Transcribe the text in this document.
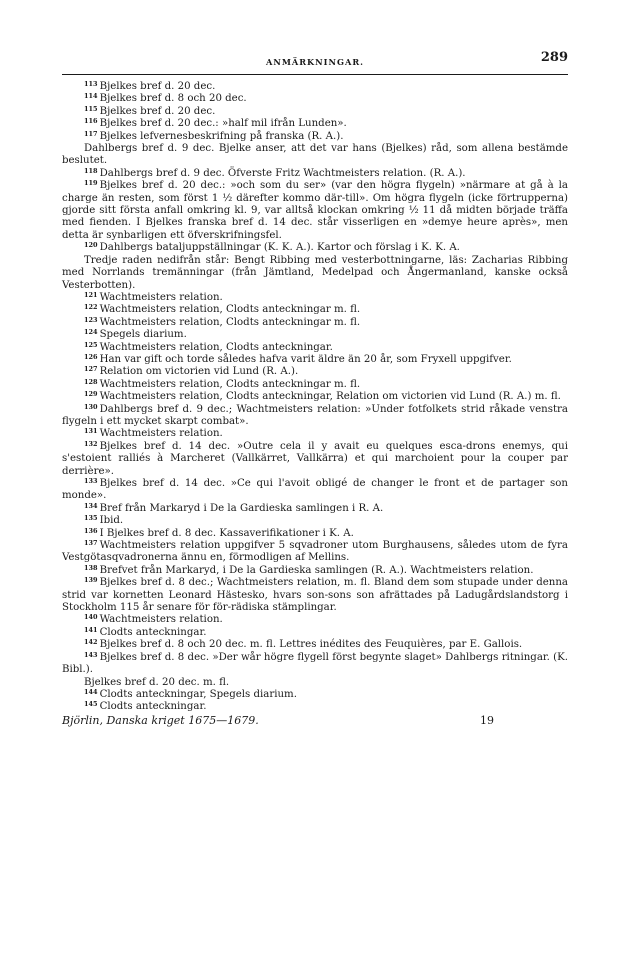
ANMÄRKNINGAR.	289

$^{113}$ Bjelkes bref d. 20 dec.

$^{114}$ Bjelkes bref d. 8 och 20 dec.

$^{115}$ Bjelkes bref d. 20 dec.

$^{116}$ Bjelkes bref d. 20 dec.: »half mil ifrån Lunden».

$^{117}$ Bjelkes lefvernesbeskrifning på franska (R. A.).

Dahlbergs bref d. 9 dec. Bjelke anser, att det var hans (Bjelkes) råd, som allena bestämde beslutet.

$^{118}$ Dahlbergs bref d. 9 dec. Öfverste Fritz Wachtmeisters relation. (R. A.).

$^{119}$ Bjelkes bref d. 20 dec.: »och som du ser» (var den högra flygeln) »närmare at gå à la charge än resten, som först 1 ½ därefter kommo där-till». Om högra flygeln (icke förtrupperna) gjorde sitt första anfall omkring kl. 9, var alltså klockan omkring ½ 11 då midten började träffa med fienden. I Bjelkes franska bref d. 14 dec. står visserligen en »demye heure après», men detta är synbarligen ett öfverskrifningsfel.

$^{120}$ Dahlbergs bataljuppställningar (K. K. A.). Kartor och förslag i K. K. A.

Tredje raden nedifrån står: Bengt Ribbing med vesterbottningarne, läs: Zacharias Ribbing med Norrlands tremänningar (från Jämtland, Medelpad och Ångermanland, kanske också Vesterbotten).

$^{121}$ Wachtmeisters relation.

$^{122}$ Wachtmeisters relation, Clodts anteckningar m. fl.

$^{123}$ Wachtmeisters relation, Clodts anteckningar m. fl.

$^{124}$ Spegels diarium.

$^{125}$ Wachtmeisters relation, Clodts anteckningar.

$^{126}$ Han var gift och torde således hafva varit äldre än 20 år, som Fryxell uppgifver.

$^{127}$ Relation om victorien vid Lund (R. A.).

$^{128}$ Wachtmeisters relation, Clodts anteckningar m. fl.

$^{129}$ Wachtmeisters relation, Clodts anteckningar, Relation om victorien vid Lund (R. A.) m. fl.

$^{130}$ Dahlbergs bref d. 9 dec.; Wachtmeisters relation: »Under fotfolkets strid råkade venstra flygeln i ett mycket skarpt combat».

$^{131}$ Wachtmeisters relation.

$^{132}$ Bjelkes bref d. 14 dec. »Outre cela il y avait eu quelques esca-drons enemys, qui s'estoient ralliés à Marcheret (Vallkärret, Vallkärra) et qui marchoient pour la couper par derrière».

$^{133}$ Bjelkes bref d. 14 dec. »Ce qui l'avoit obligé de changer le front et de partager son monde».

$^{134}$ Bref från Markaryd i De la Gardieska samlingen i R. A.

$^{135}$ Ibid.

$^{136}$ I Bjelkes bref d. 8 dec. Kassaverifikationer i K. A.

$^{137}$ Wachtmeisters relation uppgifver 5 sqvadroner utom Burghausens, således utom de fyra Vestgötasqvadronerna ännu en, förmodligen af Mellins.

$^{138}$ Brefvet från Markaryd, i De la Gardieska samlingen (R. A.). Wachtmeisters relation.

$^{139}$ Bjelkes bref d. 8 dec.; Wachtmeisters relation, m. fl. Bland dem som stupade under denna strid var kornetten Leonard Hästesko, hvars son-sons son afrättades på Ladugårdslandstorg i Stockholm 115 år senare för för-rädiska stämplingar.

$^{140}$ Wachtmeisters relation.

$^{141}$ Clodts anteckningar.

$^{142}$ Bjelkes bref d. 8 och 20 dec. m. fl. Lettres inédites des Feuquières, par E. Gallois.

$^{143}$ Bjelkes bref d. 8 dec. »Der wår högre flygell först begynte slaget» Dahlbergs ritningar. (K. Bibl.).

Bjelkes bref d. 20 dec. m. fl.

$^{144}$ Clodts anteckningar, Spegels diarium.

$^{145}$ Clodts anteckningar.

Björlin, Danska kriget 1675—1679.	19
